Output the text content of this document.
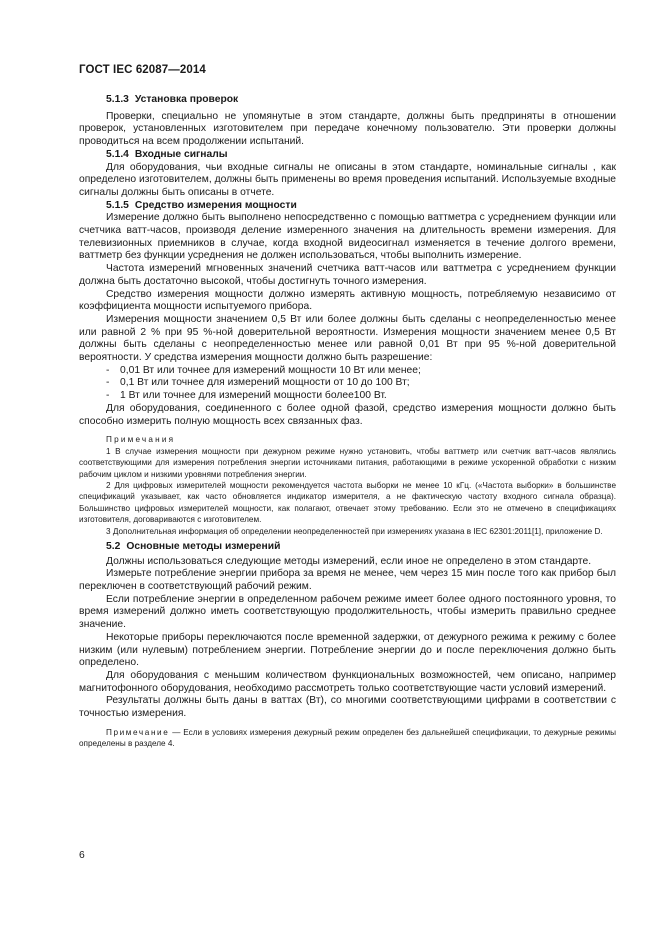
ГОСТ IEC 62087—2014

5.1.3 Установка проверок

Проверки, специально не упомянутые в этом стандарте, должны быть предприняты в отношении проверок, установленных изготовителем при передаче конечному пользователю. Эти проверки должны проводиться на всем продолжении испытаний.

5.1.4 Входные сигналы

Для оборудования, чьи входные сигналы не описаны в этом стандарте, номинальные сигналы , как определено изготовителем, должны быть применены во время проведения испытаний. Используемые входные сигналы должны быть описаны в отчете.

5.1.5 Средство измерения мощности

Измерение должно быть выполнено непосредственно с помощью ваттметра с усреднением функции или счетчика ватт-часов, производя деление измеренного значения на длительность времени измерения. Для телевизионных приемников в случае, когда входной видеосигнал изменяется в течение долгого времени, ваттметр без функции усреднения не должен использоваться, чтобы выполнить измерение.

Частота измерений мгновенных значений счетчика ватт-часов или ваттметра с усреднением функции должна быть достаточно высокой, чтобы достигнуть точного измерения.

Средство измерения мощности должно измерять активную мощность, потребляемую независимо от коэффициента мощности испытуемого прибора.

Измерения мощности значением 0,5 Вт или более должны быть сделаны с неопределенностью менее или равной 2 % при 95 %-ной доверительной вероятности. Измерения мощности значением менее 0,5 Вт должны быть сделаны с неопределенностью менее или равной 0,01 Вт при 95 %-ной доверительной вероятности. У средства измерения мощности должно быть разрешение:

- 0,01 Вт или точнее для измерений мощности 10 Вт или менее;

- 0,1 Вт или точнее для измерений мощности от 10 до 100 Вт;

- 1 Вт или точнее для измерений мощности более100 Вт.

Для оборудования, соединенного с более одной фазой, средство измерения мощности должно быть способно измерить полную мощность всех связанных фаз.

Примечания

1 В случае измерения мощности при дежурном режиме нужно установить, чтобы ваттметр или счетчик ватт-часов являлись соответствующими для измерения потребления энергии источниками питания, работающими в режиме ускоренной обработки с низким рабочим циклом и низкими уровнями потребления энергии.

2 Для цифровых измерителей мощности рекомендуется частота выборки не менее 10 кГц. («Частота выборки» в большинстве спецификаций указывает, как часто обновляется индикатор измерителя, а не фактическую частоту входного сигнала образца). Большинство цифровых измерителей мощности, как полагают, отвечает этому требованию. Если это не отмечено в спецификациях изготовителя, договариваются с изготовителем.

3 Дополнительная информация об определении неопределенностей при измерениях указана в IEC 62301:2011[1], приложение D.

5.2 Основные методы измерений

Должны использоваться следующие методы измерений, если иное не определено в этом стандарте.

Измерьте потребление энергии прибора за время не менее, чем через 15 мин после того как прибор был переключен в соответствующий рабочий режим.

Если потребление энергии в определенном рабочем режиме имеет более одного постоянного уровня, то время измерений должно иметь соответствующую продолжительность, чтобы измерить правильно среднее значение.

Некоторые приборы переключаются после временной задержки, от дежурного режима к режиму с более низким (или нулевым) потреблением энергии. Потребление энергии до и после переключения должно быть определено.

Для оборудования с меньшим количеством функциональных возможностей, чем описано, например магнитофонного оборудования, необходимо рассмотреть только соответствующие части условий измерений.

Результаты должны быть даны в ваттах (Вт), со многими соответствующими цифрами в соответствии с точностью измерения.

Примечание — Если в условиях измерения дежурный режим определен без дальнейшей спецификации, то дежурные режимы определены в разделе 4.

6
